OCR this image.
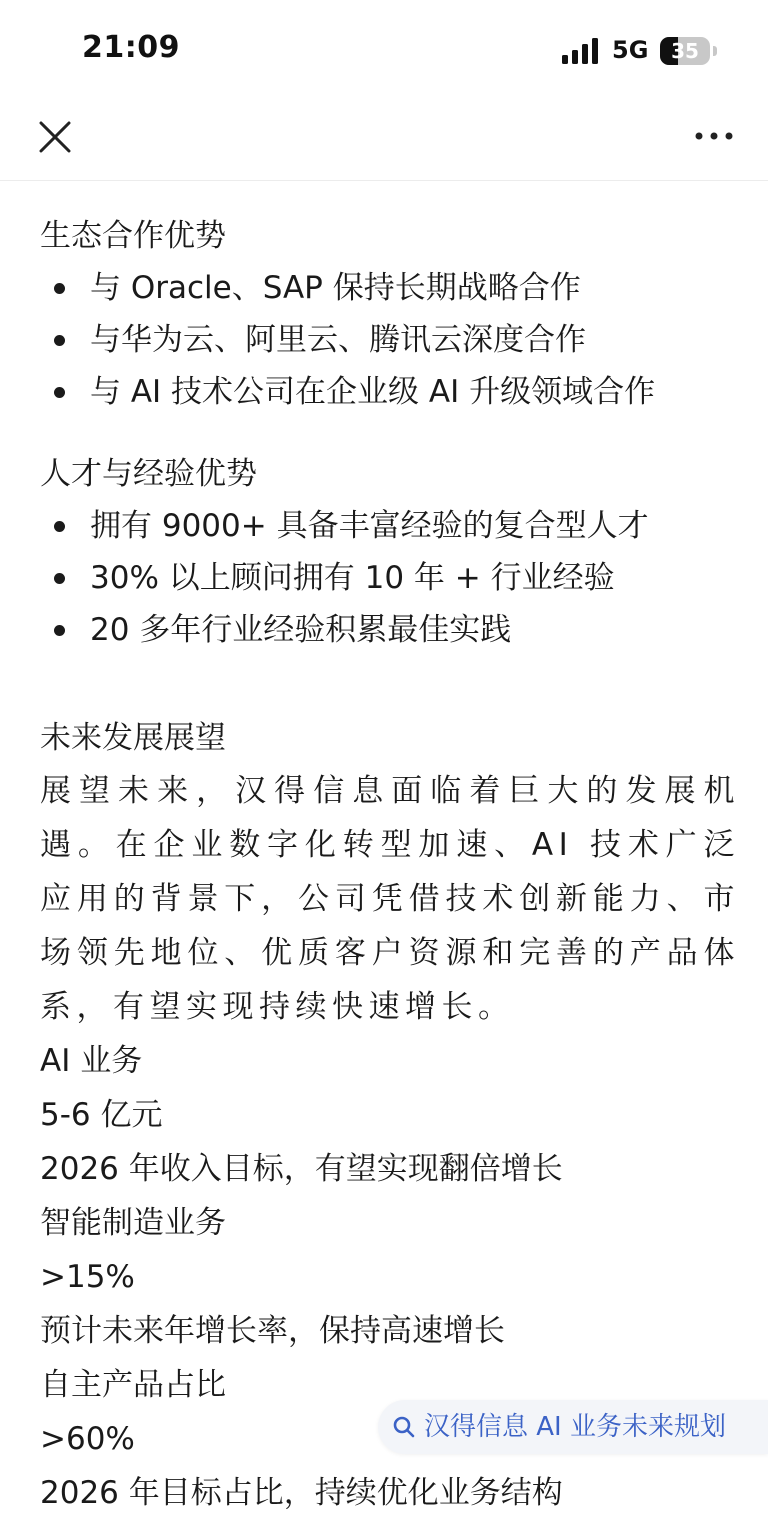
21:09	5G	35
生态合作优势
与 Oracle、SAP 保持长期战略合作
与华为云、阿里云、腾讯云深度合作
与 AI 技术公司在企业级 AI 升级领域合作
人才与经验优势
拥有 9000+ 具备丰富经验的复合型人才
30% 以上顾问拥有 10 年 + 行业经验
20 多年行业经验积累最佳实践
未来发展展望

展望未来，汉得信息面临着巨大的发展机遇。在企业数字化转型加速、AI 技术广泛应用的背景下，公司凭借技术创新能力、市场领先地位、优质客户资源和完善的产品体系，有望实现持续快速增长。

AI 业务
5-6 亿元
2026 年收入目标，有望实现翻倍增长
智能制造业务
>15%
预计未来年增长率，保持高速增长
自主产品占比
>60%
2026 年目标占比，持续优化业务结构
汉得信息 AI 业务未来规划
